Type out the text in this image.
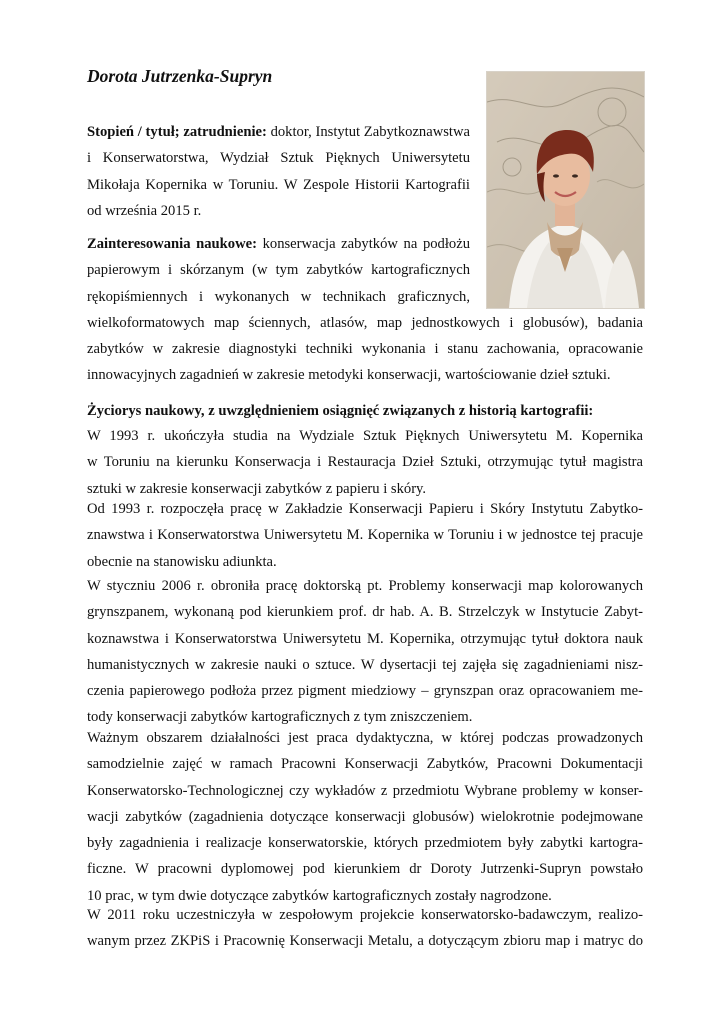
Dorota Jutrzenka-Supryn

Stopień / tytuł; zatrudnienie: doktor, Instytut Zabytkoznawstwa
i Konserwatorstwa, Wydział Sztuk Pięknych Uniwersytetu
Mikołaja Kopernika w Toruniu. W Zespole Historii Kartografii
od września 2015 r.

Zainteresowania naukowe: konserwacja zabytków na podłożu
papierowym i skórzanym (w tym zabytków kartograficznych
rękopiśmiennych i wykonanych w technikach graficznych,
wielkoformatowych map ściennych, atlasów, map jednostkowych i globusów), badania
zabytków w zakresie diagnostyki techniki wykonania i stanu zachowania, opracowanie
innowacyjnych zagadnień w zakresie metodyki konserwacji, wartościowanie dzieł sztuki.

Życiorys naukowy, z uwzględnieniem osiągnięć związanych z historią kartografii:

W 1993 r. ukończyła studia na Wydziale Sztuk Pięknych Uniwersytetu M. Kopernika
w Toruniu na kierunku Konserwacja i Restauracja Dzieł Sztuki, otrzymując tytuł magistra
sztuki w zakresie konserwacji zabytków z papieru i skóry.

Od 1993 r. rozpoczęła pracę w Zakładzie Konserwacji Papieru i Skóry Instytutu Zabytko-
znawstwa i Konserwatorstwa Uniwersytetu M. Kopernika w Toruniu i w jednostce tej pracuje
obecnie na stanowisku adiunkta.

W styczniu 2006 r. obroniła pracę doktorską pt. Problemy konserwacji map kolorowanych
grynszpanem, wykonaną pod kierunkiem prof. dr hab. A. B. Strzelczyk w Instytucie Zabyt-
koznawstwa i Konserwatorstwa Uniwersytetu M. Kopernika, otrzymując tytuł doktora nauk
humanistycznych w zakresie nauki o sztuce. W dysertacji tej zajęła się zagadnieniami nisz-
czenia papierowego podłoża przez pigment miedziowy – grynszpan oraz opracowaniem me-
tody konserwacji zabytków kartograficznych z tym zniszczeniem.

Ważnym obszarem działalności jest praca dydaktyczna, w której podczas prowadzonych
samodzielnie zajęć w ramach Pracowni Konserwacji Zabytków, Pracowni Dokumentacji
Konserwatorsko-Technologicznej czy wykładów z przedmiotu Wybrane problemy w konser-
wacji zabytków (zagadnienia dotyczące konserwacji globusów) wielokrotnie podejmowane
były zagadnienia i realizacje konserwatorskie, których przedmiotem były zabytki kartogra-
ficzne. W pracowni dyplomowej pod kierunkiem dr Doroty Jutrzenki-Supryn powstało
10 prac, w tym dwie dotyczące zabytków kartograficznych zostały nagrodzone.

W 2011 roku uczestniczyła w zespołowym projekcie konserwatorsko-badawczym, realizo-
wanym przez ZKPiS i Pracownię Konserwacji Metalu, a dotyczącym zbioru map i matryc do
